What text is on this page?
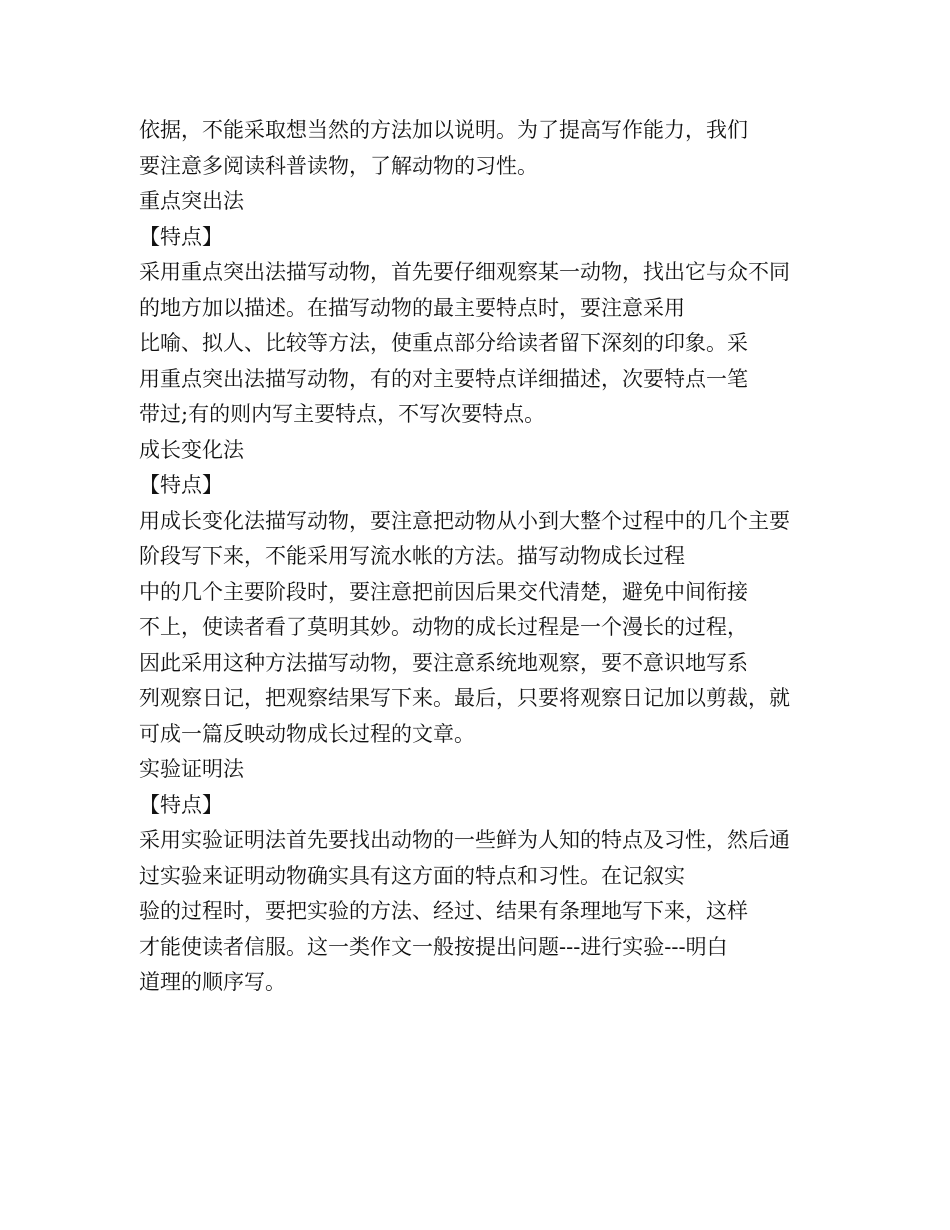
依据，不能采取想当然的方法加以说明。为了提高写作能力，我们
要注意多阅读科普读物，了解动物的习性。
重点突出法
【特点】
采用重点突出法描写动物，首先要仔细观察某一动物，找出它与众不同
的地方加以描述。在描写动物的最主要特点时，要注意采用
比喻、拟人、比较等方法，使重点部分给读者留下深刻的印象。采
用重点突出法描写动物，有的对主要特点详细描述，次要特点一笔
带过;有的则内写主要特点，不写次要特点。
成长变化法
【特点】
用成长变化法描写动物，要注意把动物从小到大整个过程中的几个主要
阶段写下来，不能采用写流水帐的方法。描写动物成长过程
中的几个主要阶段时，要注意把前因后果交代清楚，避免中间衔接
不上，使读者看了莫明其妙。动物的成长过程是一个漫长的过程，
因此采用这种方法描写动物，要注意系统地观察，要不意识地写系
列观察日记，把观察结果写下来。最后，只要将观察日记加以剪裁，就
可成一篇反映动物成长过程的文章。
实验证明法
【特点】
采用实验证明法首先要找出动物的一些鲜为人知的特点及习性，然后通
过实验来证明动物确实具有这方面的特点和习性。在记叙实
验的过程时，要把实验的方法、经过、结果有条理地写下来，这样
才能使读者信服。这一类作文一般按提出问题---进行实验---明白
道理的顺序写。
